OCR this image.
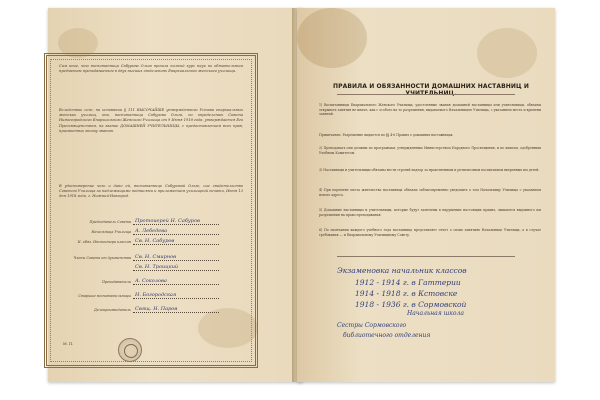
Сим иное, что воспитанница Сабурова Ольга прошла полный курс наук по обязательным предметам преподаваемым в двух высших отделениях Епархиального женского училища.
Вследствие сего, на основании § 111 ВЫСОЧАЙШЕ утвержденного Устава епархиальных женских училищ, она, воспитанница Сабурова Ольга, по определению Совета Нижегородского Епархиального Женского Училища от 9 Июня 1918 года, утверждается Его Преосвященством, на звание ДОМАШНЕЙ УЧИТЕЛЬНИЦЫ, с предоставлением всех прав, присвоенных этому званию.
В удостоверение чего и дано ей, воспитаннице Сабуровой Ольге, сие свидетельство Советом Училища за надлежащими подписями и приложением училищной печати, Июня 13 дня 1918 года, г. Нижний-Новгород.
Председатель Совета Протоиерей Н. Сабуров
Начальница Училища А. Лебедева
И. обяз. Инспектора классов Св. Н. Сабуров
Члены Совета от духовенства Св. Н. Смирнов
Св. Н. Троицкий
Преподаватели А. Соколова
Старшие воспитательницы Н. Богородская
Делопроизводитель Свящ. Н. Паров
М. П.
ПРАВИЛА И ОБЯЗАННОСТИ ДОМАШНИХ НАСТАВНИЦ И УЧИТЕЛЬНИЦ.
1) Воспитанницы Епархиального Женского Училища, удостоенные звания домашней наставницы или учительницы, обязаны открывать занятия не иначе, как с особого на то разрешения, выдаваемого Начальницею Училища, с указанием места и времени занятий.
Примечание. Разрешение выдается по §§ 4-6 Правил о домашних наставницах.
2) Преподавать они должны по программам, утвержденным Министерством Народного Просвещения, и по книгам, одобренным Учебным Комитетом.
3) Наставницы и учительницы обязаны вести строгий надзор за нравственным и религиозным воспитанием вверенных им детей.
4) При перемене места жительства наставница обязана заблаговременно уведомить о том Начальницу Училища с указанием нового адреса.
5) Домашние наставницы и учительницы, которые будут замечены в нарушении настоящих правил, лишаются выданного им разрешения на право преподавания.
6) По окончании каждого учебного года наставница представляет отчет о своих занятиях Начальнице Училища, а в случае требования — и Епархиальному Училищному Совету.
Экзаменовка начальник классов
1912 - 1914 г. в Гаттерии
1914 - 1918 г. в Кстовске
1918 - 1936 г. в Сормовской
Начальная школа
Сестры Сормовского
библиотечного отделения
